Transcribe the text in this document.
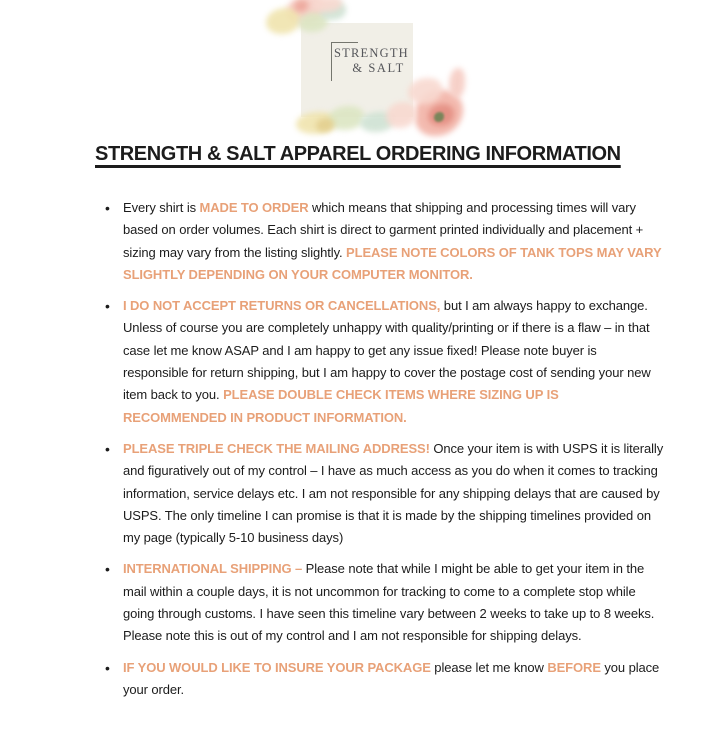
STRENGTH
& SALT
STRENGTH & SALT APPAREL ORDERING INFORMATION
• Every shirt is MADE TO ORDER which means that shipping and processing times will vary based on order volumes. Each shirt is direct to garment printed individually and placement + sizing may vary from the listing slightly. PLEASE NOTE COLORS OF TANK TOPS MAY VARY SLIGHTLY DEPENDING ON YOUR COMPUTER MONITOR.
• I DO NOT ACCEPT RETURNS OR CANCELLATIONS, but I am always happy to exchange. Unless of course you are completely unhappy with quality/printing or if there is a flaw – in that case let me know ASAP and I am happy to get any issue fixed! Please note buyer is responsible for return shipping, but I am happy to cover the postage cost of sending your new item back to you. PLEASE DOUBLE CHECK ITEMS WHERE SIZING UP IS RECOMMENDED IN PRODUCT INFORMATION.
• PLEASE TRIPLE CHECK THE MAILING ADDRESS! Once your item is with USPS it is literally and figuratively out of my control – I have as much access as you do when it comes to tracking information, service delays etc. I am not responsible for any shipping delays that are caused by USPS. The only timeline I can promise is that it is made by the shipping timelines provided on my page (typically 5-10 business days)
• INTERNATIONAL SHIPPING – Please note that while I might be able to get your item in the mail within a couple days, it is not uncommon for tracking to come to a complete stop while going through customs. I have seen this timeline vary between 2 weeks to take up to 8 weeks. Please note this is out of my control and I am not responsible for shipping delays.
• IF YOU WOULD LIKE TO INSURE YOUR PACKAGE please let me know BEFORE you place your order.
